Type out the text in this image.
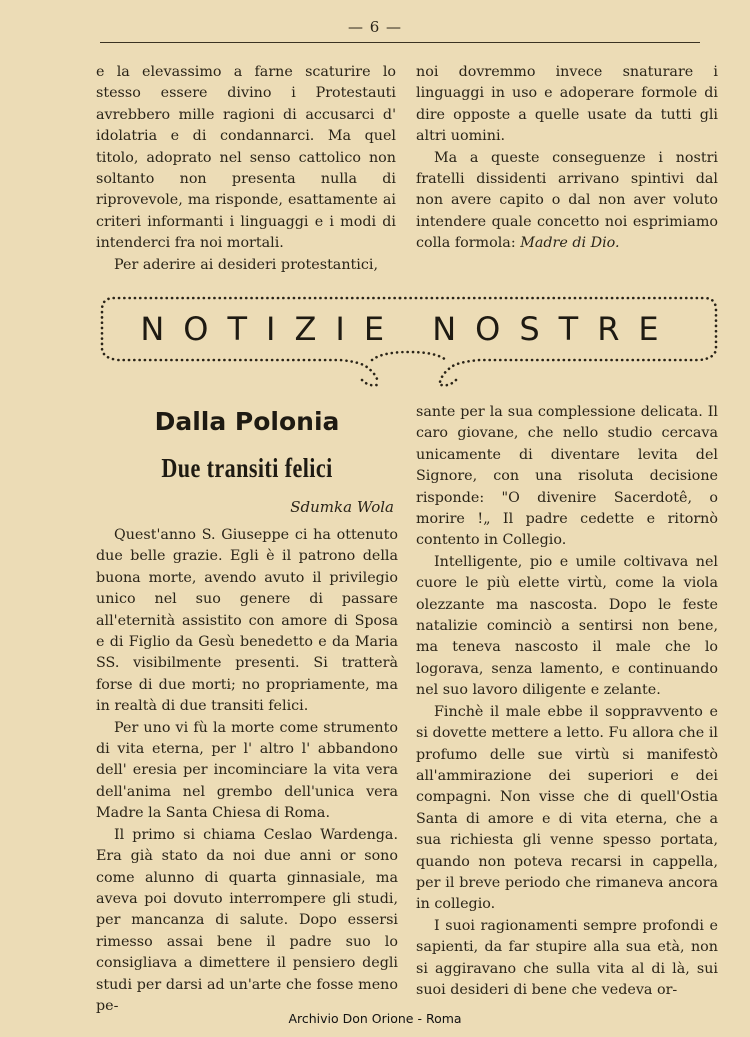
— 6 —

e la elevassimo a farne scaturire lo stesso essere divino i Protestauti avrebbero mille ragioni di accusarci d' idolatria e di condannarci. Ma quel titolo, adoprato nel senso cattolico non soltanto non presenta nulla di riprovevole, ma risponde, esattamente ai criteri informanti i linguaggi e i modi di intenderci fra noi mortali.

Per aderire ai desideri protestantici,

noi dovremmo invece snaturare i linguaggi in uso e adoperare formole di dire opposte a quelle usate da tutti gli altri uomini.

Ma a queste conseguenze i nostri fratelli dissidenti arrivano spintivi dal non avere capito o dal non aver voluto intendere quale concetto noi esprimiamo colla formola: Madre di Dio.

NOTIZIE NOSTRE
Dalla Polonia
Due transiti felici
Sdumka Wola

Quest'anno S. Giuseppe ci ha ottenuto due belle grazie. Egli è il patrono della buona morte, avendo avuto il privilegio unico nel suo genere di passare all'eternità assistito con amore di Sposa e di Figlio da Gesù benedetto e da Maria SS. visibilmente presenti. Si tratterà forse di due morti; no propriamente, ma in realtà di due transiti felici.

Per uno vi fù la morte come strumento di vita eterna, per l' altro l' abbandono dell' eresia per incominciare la vita vera dell'anima nel grembo dell'unica vera Madre la Santa Chiesa di Roma.

Il primo si chiama Ceslao Wardenga. Era già stato da noi due anni or sono come alunno di quarta ginnasiale, ma aveva poi dovuto interrompere gli studi, per mancanza di salute. Dopo essersi rimesso assai bene il padre suo lo consigliava a dimettere il pensiero degli studi per darsi ad un'arte che fosse meno pe-

sante per la sua complessione delicata. Il caro giovane, che nello studio cercava unicamente di diventare levita del Signore, con una risoluta decisione risponde: "O divenire Sacerdotê, o morire !„ Il padre cedette e ritornò contento in Collegio.

Intelligente, pio e umile coltivava nel cuore le più elette virtù, come la viola olezzante ma nascosta. Dopo le feste natalizie cominciò a sentirsi non bene, ma teneva nascosto il male che lo logorava, senza lamento, e continuando nel suo lavoro diligente e zelante.

Finchè il male ebbe il soppravvento e si dovette mettere a letto. Fu allora che il profumo delle sue virtù si manifestò all'ammirazione dei superiori e dei compagni. Non visse che di quell'Ostia Santa di amore e di vita eterna, che a sua richiesta gli venne spesso portata, quando non poteva recarsi in cappella, per il breve periodo che rimaneva ancora in collegio.

I suoi ragionamenti sempre profondi e sapienti, da far stupire alla sua età, non si aggiravano che sulla vita al di là, sui suoi desideri di bene che vedeva or-

Archivio Don Orione - Roma
